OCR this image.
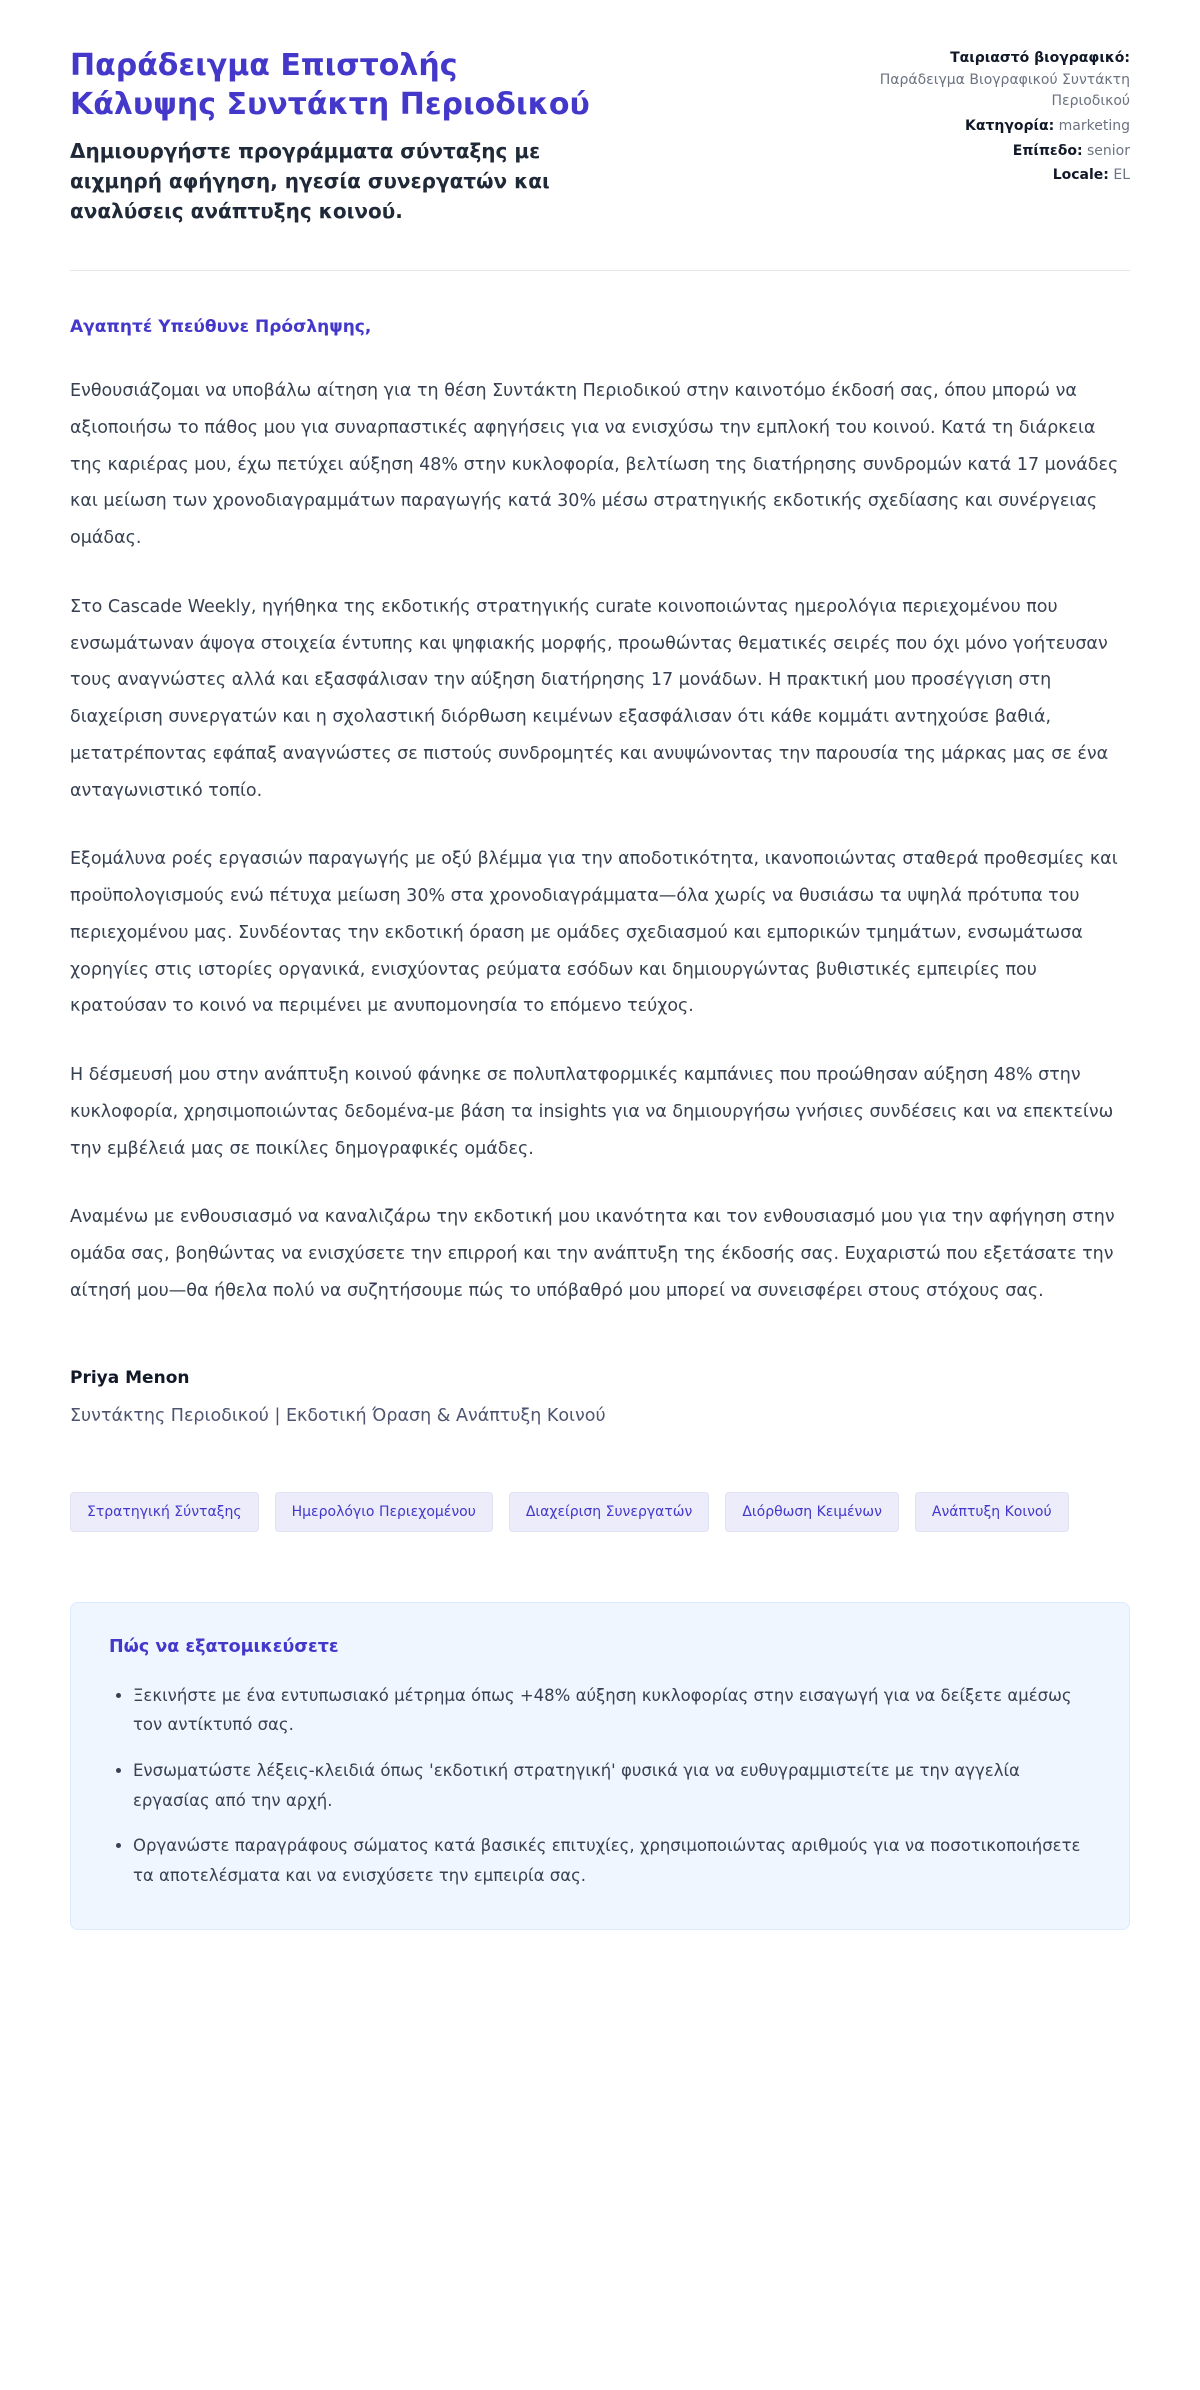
Παράδειγμα Επιστολής Κάλυψης Συντάκτη Περιοδικού

Δημιουργήστε προγράμματα σύνταξης με αιχμηρή αφήγηση, ηγεσία συνεργατών και αναλύσεις ανάπτυξης κοινού.

Ταιριαστό βιογραφικό:
Παράδειγμα Βιογραφικού Συντάκτη Περιοδικού
Κατηγορία: marketing
Επίπεδο: senior
Locale: EL

Αγαπητέ Υπεύθυνε Πρόσληψης,

Ενθουσιάζομαι να υποβάλω αίτηση για τη θέση Συντάκτη Περιοδικού στην καινοτόμο έκδοσή σας, όπου μπορώ να αξιοποιήσω το πάθος μου για συναρπαστικές αφηγήσεις για να ενισχύσω την εμπλοκή του κοινού. Κατά τη διάρκεια της καριέρας μου, έχω πετύχει αύξηση 48% στην κυκλοφορία, βελτίωση της διατήρησης συνδρομών κατά 17 μονάδες και μείωση των χρονοδιαγραμμάτων παραγωγής κατά 30% μέσω στρατηγικής εκδοτικής σχεδίασης και συνέργειας ομάδας.

Στο Cascade Weekly, ηγήθηκα της εκδοτικής στρατηγικής curate κοινοποιώντας ημερολόγια περιεχομένου που ενσωμάτωναν άψογα στοιχεία έντυπης και ψηφιακής μορφής, προωθώντας θεματικές σειρές που όχι μόνο γοήτευσαν τους αναγνώστες αλλά και εξασφάλισαν την αύξηση διατήρησης 17 μονάδων. Η πρακτική μου προσέγγιση στη διαχείριση συνεργατών και η σχολαστική διόρθωση κειμένων εξασφάλισαν ότι κάθε κομμάτι αντηχούσε βαθιά, μετατρέποντας εφάπαξ αναγνώστες σε πιστούς συνδρομητές και ανυψώνοντας την παρουσία της μάρκας μας σε ένα ανταγωνιστικό τοπίο.

Εξομάλυνα ροές εργασιών παραγωγής με οξύ βλέμμα για την αποδοτικότητα, ικανοποιώντας σταθερά προθεσμίες και προϋπολογισμούς ενώ πέτυχα μείωση 30% στα χρονοδιαγράμματα—όλα χωρίς να θυσιάσω τα υψηλά πρότυπα του περιεχομένου μας. Συνδέοντας την εκδοτική όραση με ομάδες σχεδιασμού και εμπορικών τμημάτων, ενσωμάτωσα χορηγίες στις ιστορίες οργανικά, ενισχύοντας ρεύματα εσόδων και δημιουργώντας βυθιστικές εμπειρίες που κρατούσαν το κοινό να περιμένει με ανυπομονησία το επόμενο τεύχος.

Η δέσμευσή μου στην ανάπτυξη κοινού φάνηκε σε πολυπλατφορμικές καμπάνιες που προώθησαν αύξηση 48% στην κυκλοφορία, χρησιμοποιώντας δεδομένα-με βάση τα insights για να δημιουργήσω γνήσιες συνδέσεις και να επεκτείνω την εμβέλειά μας σε ποικίλες δημογραφικές ομάδες.

Αναμένω με ενθουσιασμό να καναλιζάρω την εκδοτική μου ικανότητα και τον ενθουσιασμό μου για την αφήγηση στην ομάδα σας, βοηθώντας να ενισχύσετε την επιρροή και την ανάπτυξη της έκδοσής σας. Ευχαριστώ που εξετάσατε την αίτησή μου—θα ήθελα πολύ να συζητήσουμε πώς το υπόβαθρό μου μπορεί να συνεισφέρει στους στόχους σας.

Priya Menon

Συντάκτης Περιοδικού | Εκδοτική Όραση & Ανάπτυξη Κοινού

Στρατηγική Σύνταξης	Ημερολόγιο Περιεχομένου	Διαχείριση Συνεργατών	Διόρθωση Κειμένων	Ανάπτυξη Κοινού
Πώς να εξατομικεύσετε
• Ξεκινήστε με ένα εντυπωσιακό μέτρημα όπως +48% αύξηση κυκλοφορίας στην εισαγωγή για να δείξετε αμέσως τον αντίκτυπό σας.
• Ενσωματώστε λέξεις-κλειδιά όπως 'εκδοτική στρατηγική' φυσικά για να ευθυγραμμιστείτε με την αγγελία εργασίας από την αρχή.
• Οργανώστε παραγράφους σώματος κατά βασικές επιτυχίες, χρησιμοποιώντας αριθμούς για να ποσοτικοποιήσετε τα αποτελέσματα και να ενισχύσετε την εμπειρία σας.
